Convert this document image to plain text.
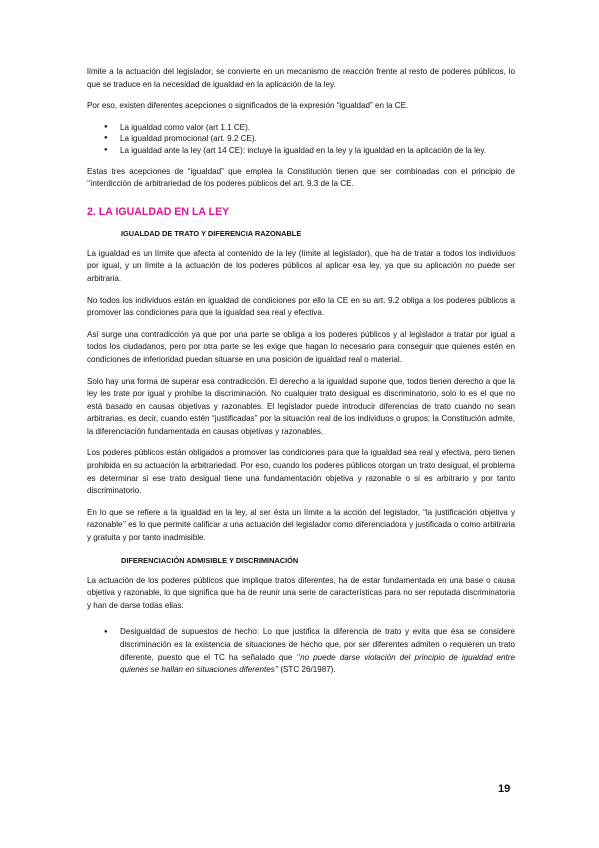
límite a la actuación del legislador, se convierte en un mecanismo de reacción frente al resto de poderes públicos, lo que se traduce en la necesidad de igualdad en la aplicación de la ley.

Por eso, existen diferentes acepciones o significados de la expresión “igualdad” en la CE.

● La igualdad como valor (art 1.1 CE).
● La igualdad promocional (art. 9.2 CE).
● La igualdad ante la ley (art 14 CE): incluye la igualdad en la ley y la igualdad en la aplicación de la ley.

Estas tres acepciones de “igualdad” que emplea la Constitución tienen que ser combinadas con el principio de ‘’interdicción de arbitrariedad de los poderes públicos del art. 9.3 de la CE.

2. LA IGUALDAD EN LA LEY
IGUALDAD DE TRATO Y DIFERENCIA RAZONABLE

La igualdad es un límite que afecta al contenido de la ley (límite al legislador), que ha de tratar a todos los individuos por igual, y un límite a la actuación de los poderes públicos al aplicar esa ley, ya que su aplicación no puede ser arbitraria.

No todos los individuos están en igualdad de condiciones por ello la CE en su art. 9.2 obliga a los poderes públicos a promover las condiciones para que la igualdad sea real y efectiva.

Así surge una contradicción ya que por una parte se obliga a los poderes públicos y al legislador a tratar por igual a todos los ciudadanos, pero por otra parte se les exige que hagan lo necesario para conseguir que quienes estén en condiciones de inferioridad puedan situarse en una posición de igualdad real o material.

Solo hay una forma de superar esa contradicción. El derecho a la igualdad supone que, todos tienen derecho a que la ley les trate por igual y prohíbe la discriminación. No cualquier trato desigual es discriminatorio, solo lo es el que no está basado en causas objetivas y razonables. El legislador puede introducir diferencias de trato cuando no sean arbitrarias, es decir, cuando estén “justificadas” por la situación real de los individuos o grupos; la Constitución admite, la diferenciación fundamentada en causas objetivas y razonables.

Los poderes públicos están obligados a promover las condiciones para que la igualdad sea real y efectiva, pero tienen prohibida en su actuación la arbitrariedad. Por eso, cuando los poderes públicos otorgan un trato desigual, el problema es determinar si ese trato desigual tiene una fundamentación objetiva y razonable o si es arbitrario y por tanto discriminatorio.

En lo que se refiere a la igualdad en la ley, al ser ésta un límite a la acción del legislador, “la justificación objetiva y razonable’’ es lo que permite calificar a una actuación del legislador como diferenciadora y justificada o como arbitraria y gratuita y por tanto inadmisible.

DIFERENCIACIÓN ADMISIBLE Y DISCRIMINACIÓN

La actuación de los poderes públicos que implique tratos diferentes, ha de estar fundamentada en una base o causa objetiva y razonable, lo que significa que ha de reunir una serie de características para no ser reputada discriminatoria y han de darse todas ellas:

● Desigualdad de supuestos de hecho: Lo que justifica la diferencia de trato y evita que ésa se considere discriminación es la existencia de situaciones de hecho que, por ser diferentes admiten o requieren un trato diferente, puesto que el TC ha señalado que ‘’no puede darse violación del principio de igualdad entre quienes se hallan en situaciones diferentes’’ (STC 26/1987).

19
